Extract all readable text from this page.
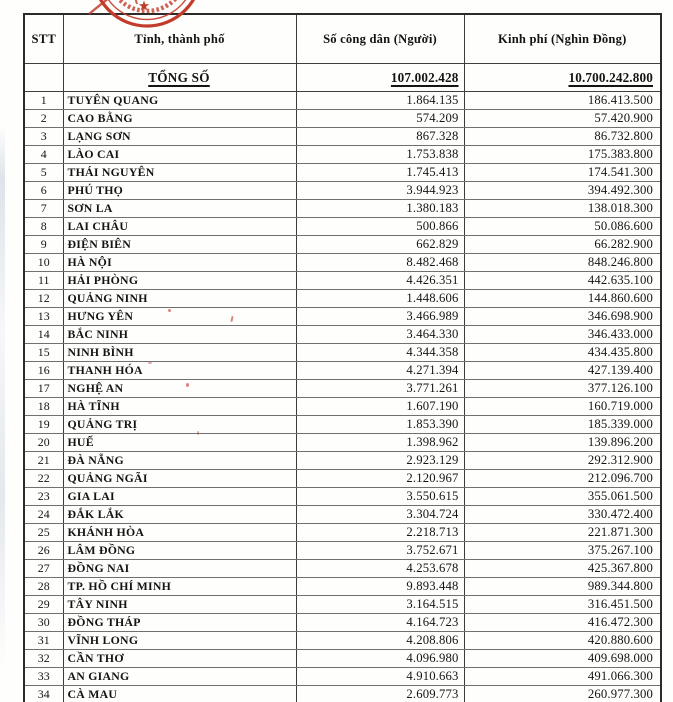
STT	Tỉnh, thành phố	Số công dân (Người)	Kinh phí (Nghìn Đồng)
	TỔNG SỐ	107.002.428	10.700.242.800
1	TUYÊN QUANG	1.864.135	186.413.500
2	CAO BẰNG	574.209	57.420.900
3	LẠNG SƠN	867.328	86.732.800
4	LÀO CAI	1.753.838	175.383.800
5	THÁI NGUYÊN	1.745.413	174.541.300
6	PHÚ THỌ	3.944.923	394.492.300
7	SƠN LA	1.380.183	138.018.300
8	LAI CHÂU	500.866	50.086.600
9	ĐIỆN BIÊN	662.829	66.282.900
10	HÀ NỘI	8.482.468	848.246.800
11	HẢI PHÒNG	4.426.351	442.635.100
12	QUẢNG NINH	1.448.606	144.860.600
13	HƯNG YÊN	3.466.989	346.698.900
14	BẮC NINH	3.464.330	346.433.000
15	NINH BÌNH	4.344.358	434.435.800
16	THANH HÓA	4.271.394	427.139.400
17	NGHỆ AN	3.771.261	377.126.100
18	HÀ TĨNH	1.607.190	160.719.000
19	QUẢNG TRỊ	1.853.390	185.339.000
20	HUẾ	1.398.962	139.896.200
21	ĐÀ NẴNG	2.923.129	292.312.900
22	QUẢNG NGÃI	2.120.967	212.096.700
23	GIA LAI	3.550.615	355.061.500
24	ĐẮK LẮK	3.304.724	330.472.400
25	KHÁNH HÒA	2.218.713	221.871.300
26	LÂM ĐỒNG	3.752.671	375.267.100
27	ĐỒNG NAI	4.253.678	425.367.800
28	TP. HỒ CHÍ MINH	9.893.448	989.344.800
29	TÂY NINH	3.164.515	316.451.500
30	ĐỒNG THÁP	4.164.723	416.472.300
31	VĨNH LONG	4.208.806	420.880.600
32	CẦN THƠ	4.096.980	409.698.000
33	AN GIANG	4.910.663	491.066.300
34	CÀ MAU	2.609.773	260.977.300
